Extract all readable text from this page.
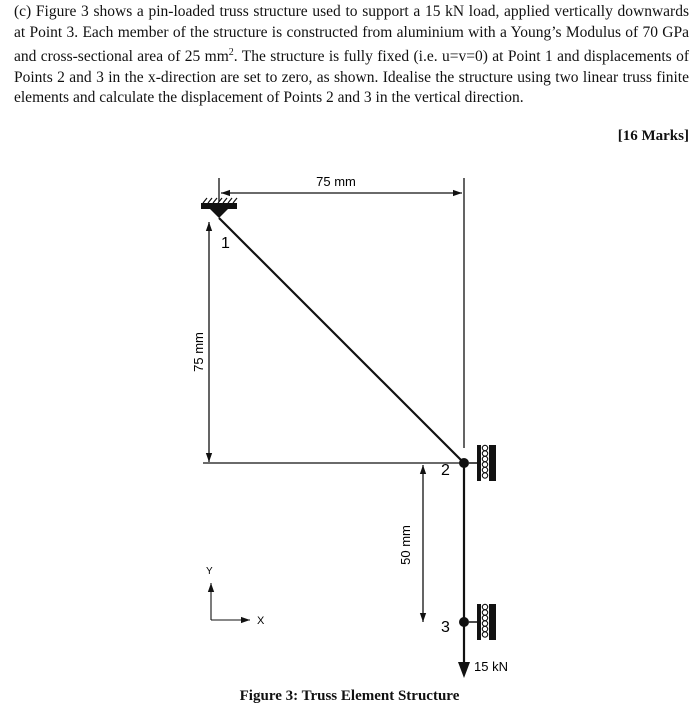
(c) Figure 3 shows a pin-loaded truss structure used to support a 15 kN load, applied vertically downwards at Point 3. Each member of the structure is constructed from aluminium with a Young’s Modulus of 70 GPa and cross-sectional area of 25 $mm^2$. The structure is fully fixed (i.e. u=v=0) at Point 1 and displacements of Points 2 and 3 in the x-direction are set to zero, as shown. Idealise the structure using two linear truss finite elements and calculate the displacement of Points 2 and 3 in the vertical direction.

[16 Marks]
75 mm
75 mm
1
2
3
50 mm
15 kN
Y
X
Figure 3: Truss Element Structure
